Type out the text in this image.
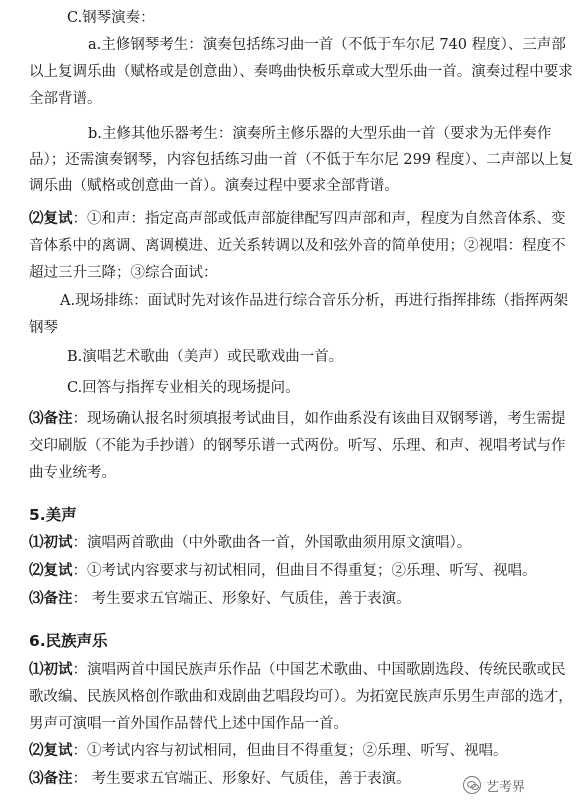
C.钢琴演奏：
a.主修钢琴考生：演奏包括练习曲一首（不低于车尔尼 740 程度）、三声部
以上复调乐曲（赋格或是创意曲）、奏鸣曲快板乐章或大型乐曲一首。演奏过程中要求
全部背谱。
b.主修其他乐器考生：演奏所主修乐器的大型乐曲一首（要求为无伴奏作
品）；还需演奏钢琴，内容包括练习曲一首（不低于车尔尼 299 程度）、二声部以上复
调乐曲（赋格或创意曲一首）。演奏过程中要求全部背谱。
⑵复试：①和声：指定高声部或低声部旋律配写四声部和声，程度为自然音体系、变
音体系中的离调、离调模进、近关系转调以及和弦外音的简单使用；②视唱：程度不
超过三升三降；③综合面试：
A.现场排练：面试时先对该作品进行综合音乐分析，再进行指挥排练（指挥两架
钢琴
B.演唱艺术歌曲（美声）或民歌戏曲一首。
C.回答与指挥专业相关的现场提问。
⑶备注：现场确认报名时须填报考试曲目，如作曲系没有该曲目双钢琴谱，考生需提
交印刷版（不能为手抄谱）的钢琴乐谱一式两份。听写、乐理、和声、视唱考试与作
曲专业统考。
5.美声
⑴初试：演唱两首歌曲（中外歌曲各一首，外国歌曲须用原文演唱）。
⑵复试：①考试内容要求与初试相同，但曲目不得重复；②乐理、听写、视唱。
⑶备注： 考生要求五官端正、形象好、气质佳，善于表演。
6.民族声乐
⑴初试：演唱两首中国民族声乐作品（中国艺术歌曲、中国歌剧选段、传统民歌或民
歌改编、民族风格创作歌曲和戏剧曲艺唱段均可）。为拓宽民族声乐男生声部的选才，
男声可演唱一首外国作品替代上述中国作品一首。
⑵复试：①考试内容与初试相同，但曲目不得重复；②乐理、听写、视唱。
⑶备注： 考生要求五官端正、形象好、气质佳，善于表演。	艺考界
